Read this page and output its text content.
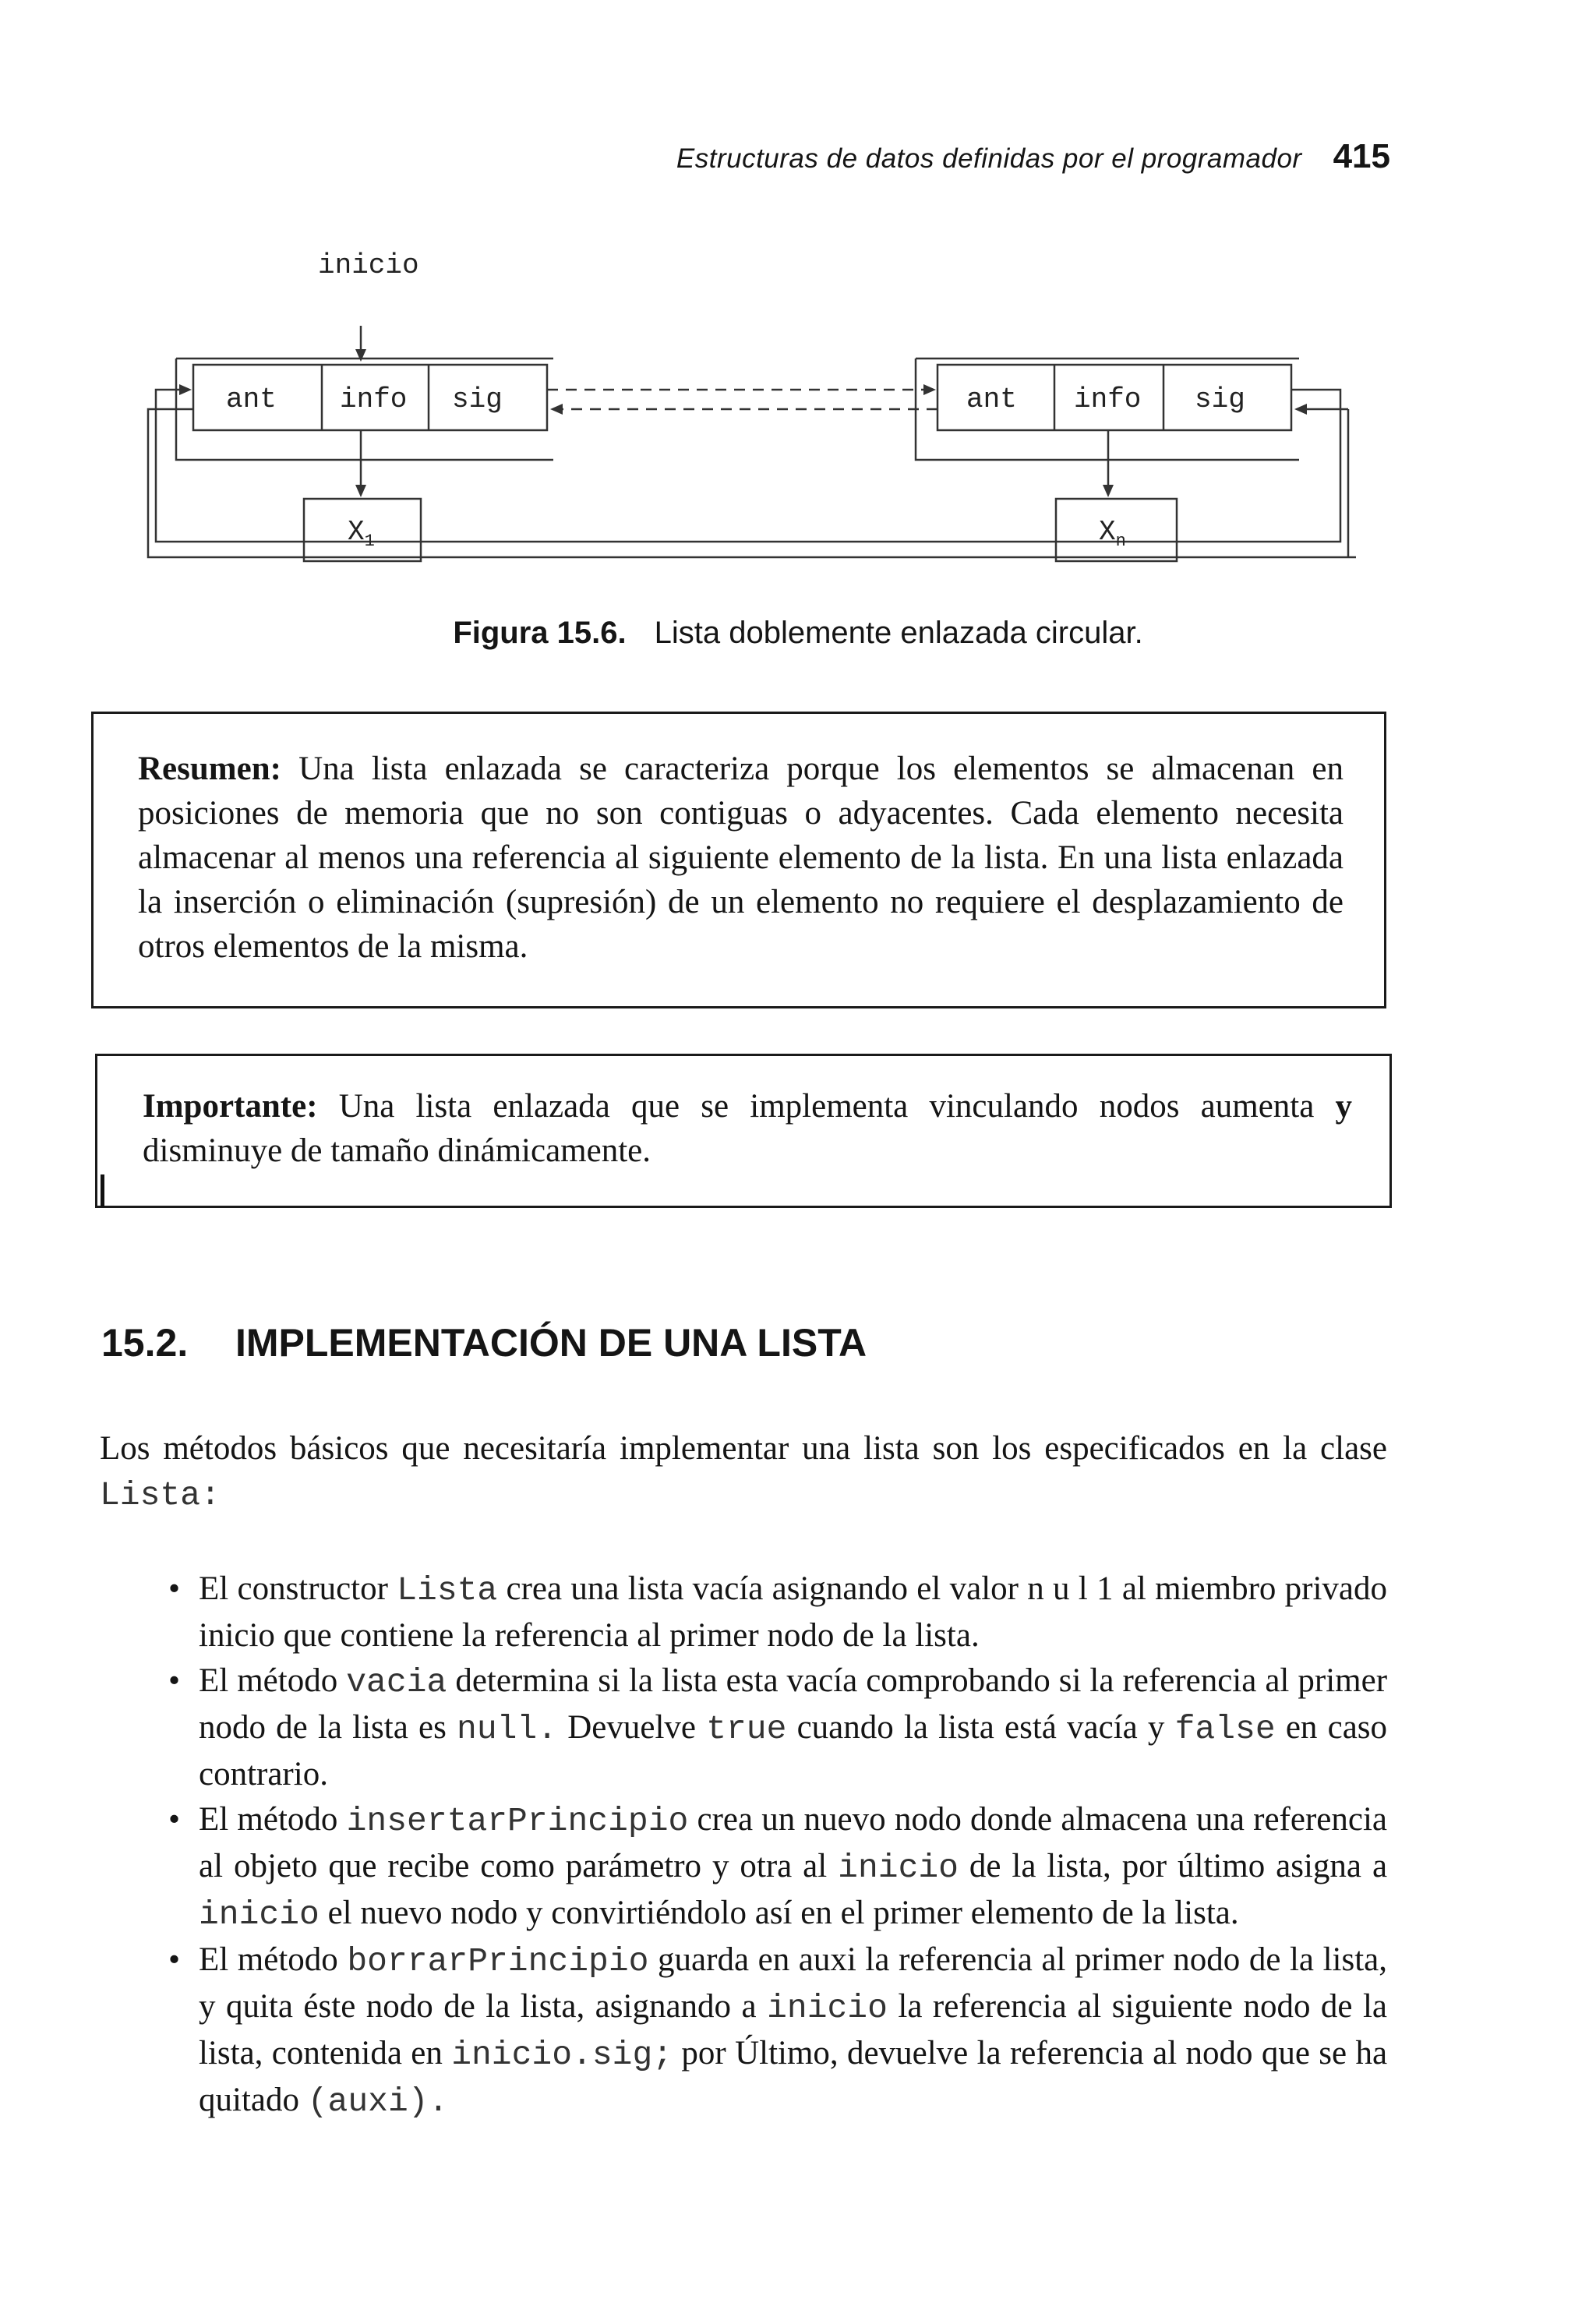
Estructuras de datos definidas por el programador 415
inicio
ant info sig	ant info sig
$X_1$	$X_n$
Figura 15.6. Lista doblemente enlazada circular.
Resumen: Una lista enlazada se caracteriza porque los elementos se almacenan en posiciones de memoria que no son contiguas o adyacentes. Cada elemento necesita almacenar al menos una referencia al siguiente elemento de la lista. En una lista enlazada la inserción o eliminación (supresión) de un elemento no requiere el desplazamiento de otros elementos de la misma.
Importante: Una lista enlazada que se implementa vinculando nodos aumenta y disminuye de tamaño dinámicamente.
15.2. IMPLEMENTACIÓN DE UNA LISTA
Los métodos básicos que necesitaría implementar una lista son los especificados en la clase Lista:
• El constructor Lista crea una lista vacía asignando el valor n u l 1 al miembro privado inicio que contiene la referencia al primer nodo de la lista.
• El método vacia determina si la lista esta vacía comprobando si la referencia al primer nodo de la lista es null. Devuelve true cuando la lista está vacía y false en caso contrario.
• El método insertarPrincipio crea un nuevo nodo donde almacena una referencia al objeto que recibe como parámetro y otra al inicio de la lista, por último asigna a inicio el nuevo nodo y convirtiéndolo así en el primer elemento de la lista.
• El método borrarPrincipio guarda en auxi la referencia al primer nodo de la lista, y quita éste nodo de la lista, asignando a inicio la referencia al siguiente nodo de la lista, contenida en inicio.sig; por Último, devuelve la referencia al nodo que se ha quitado (auxi).
